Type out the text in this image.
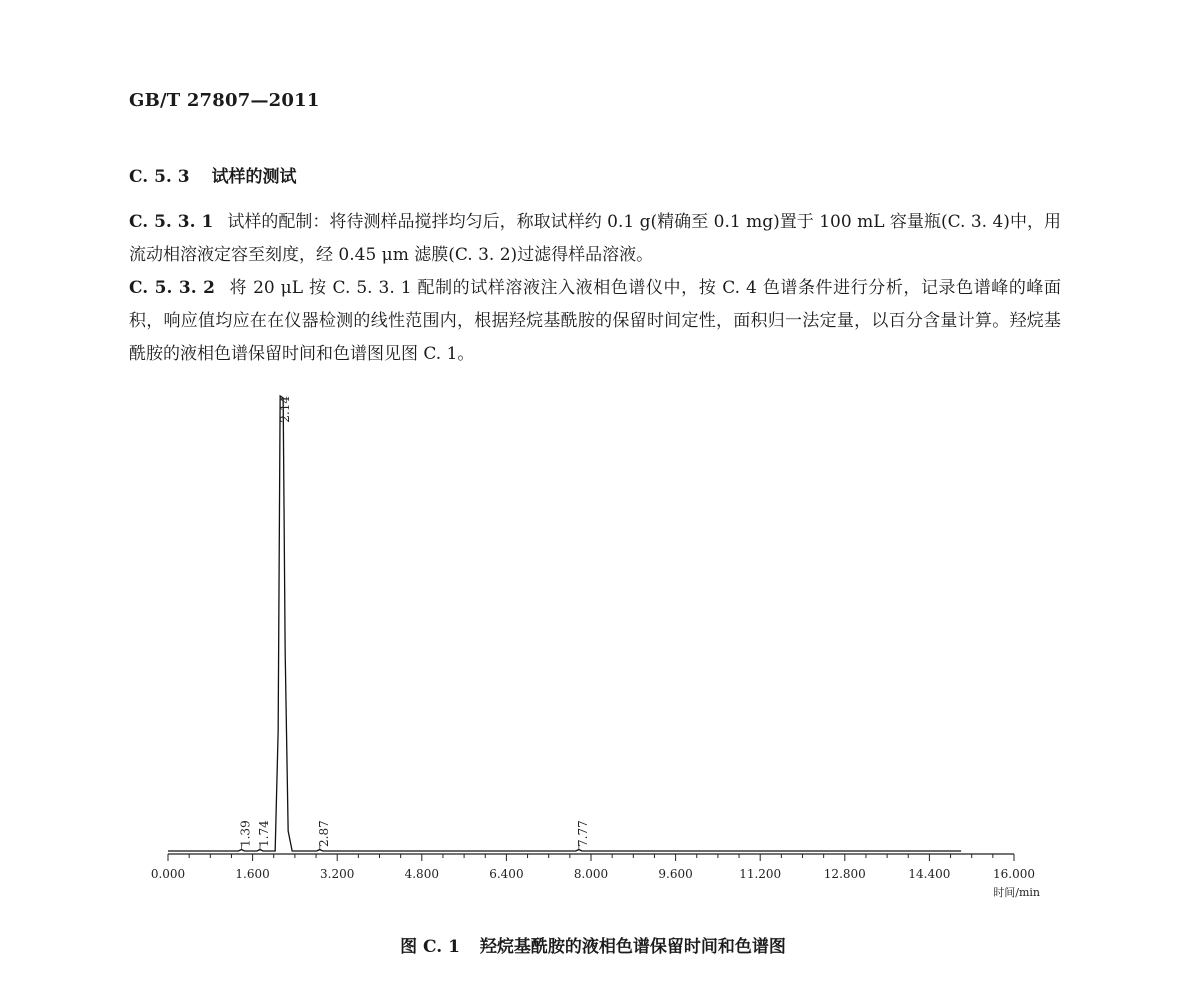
GB/T 27807—2011
C. 5. 3 试样的测试

C. 5. 3. 1 试样的配制：将待测样品搅拌均匀后，称取试样约 0.1 g(精确至 0.1 mg)置于 100 mL 容量瓶(C. 3. 4)中，用流动相溶液定容至刻度，经 0.45 μm 滤膜(C. 3. 2)过滤得样品溶液。

C. 5. 3. 2 将 20 μL 按 C. 5. 3. 1 配制的试样溶液注入液相色谱仪中，按 C. 4 色谱条件进行分析，记录色谱峰的峰面积，响应值均应在在仪器检测的线性范围内，根据羟烷基酰胺的保留时间定性，面积归一法定量，以百分含量计算。羟烷基酰胺的液相色谱保留时间和色谱图见图 C. 1。

0.000	1.600	3.200	4.800	6.400	8.000	9.600	11.200	12.800	14.400	16.000
时间/min
1.39 1.74
2.14
2.87	7.77
图 C. 1 羟烷基酰胺的液相色谱保留时间和色谱图
